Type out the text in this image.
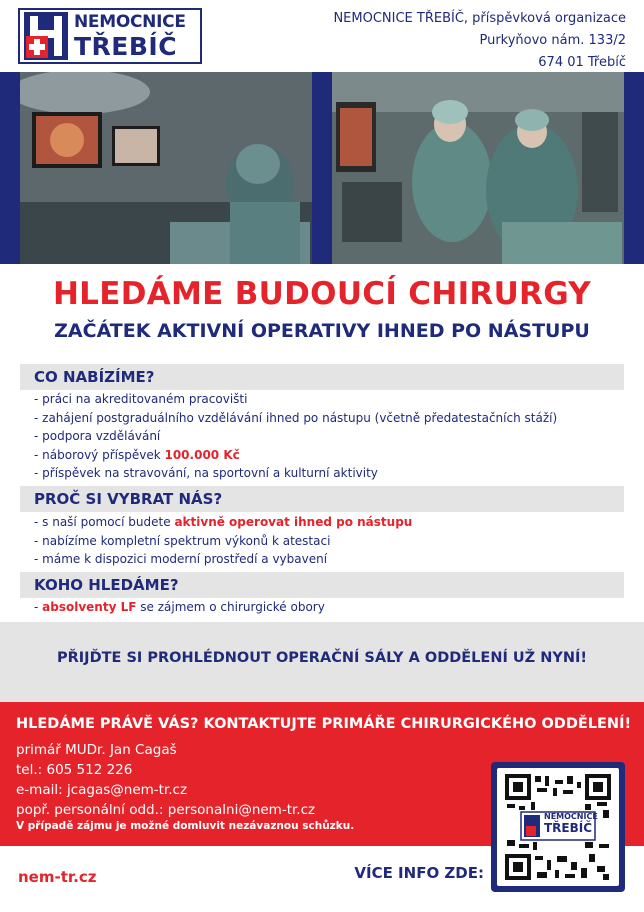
NEMOCNICE
TŘEBÍČ
NEMOCNICE TŘEBÍČ, příspěvková organizace
Purkyňovo nám. 133/2
674 01 Třebíč
HLEDÁME BUDOUCÍ CHIRURGY
ZAČÁTEK AKTIVNÍ OPERATIVY IHNED PO NÁSTUPU
CO NABÍZÍME?
- práci na akreditovaném pracovišti
- zahájení postgraduálního vzdělávání ihned po nástupu (včetně předatestačních stáží)
- podpora vzdělávání
- náborový příspěvek 100.000 Kč
- příspěvek na stravování, na sportovní a kulturní aktivity
PROČ SI VYBRAT NÁS?
- s naší pomocí budete aktivně operovat ihned po nástupu
- nabízíme kompletní spektrum výkonů k atestaci
- máme k dispozici moderní prostředí a vybavení
KOHO HLEDÁME?
- absolventy LF se zájmem o chirurgické obory
PŘIJĎTE SI PROHLÉDNOUT OPERAČNÍ SÁLY A ODDĚLENÍ UŽ NYNÍ!
HLEDÁME PRÁVĚ VÁS? KONTAKTUJTE PRIMÁŘE CHIRURGICKÉHO ODDĚLENÍ!
primář MUDr. Jan Cagaš
tel.: 605 512 226
e-mail: jcagas@nem-tr.cz
popř. personální odd.: personalni@nem-tr.cz
V případě zájmu je možné domluvit nezávaznou schůzku.
NEMOCNICE
TŘEBÍČ
nem-tr.cz	VÍCE INFO ZDE:
